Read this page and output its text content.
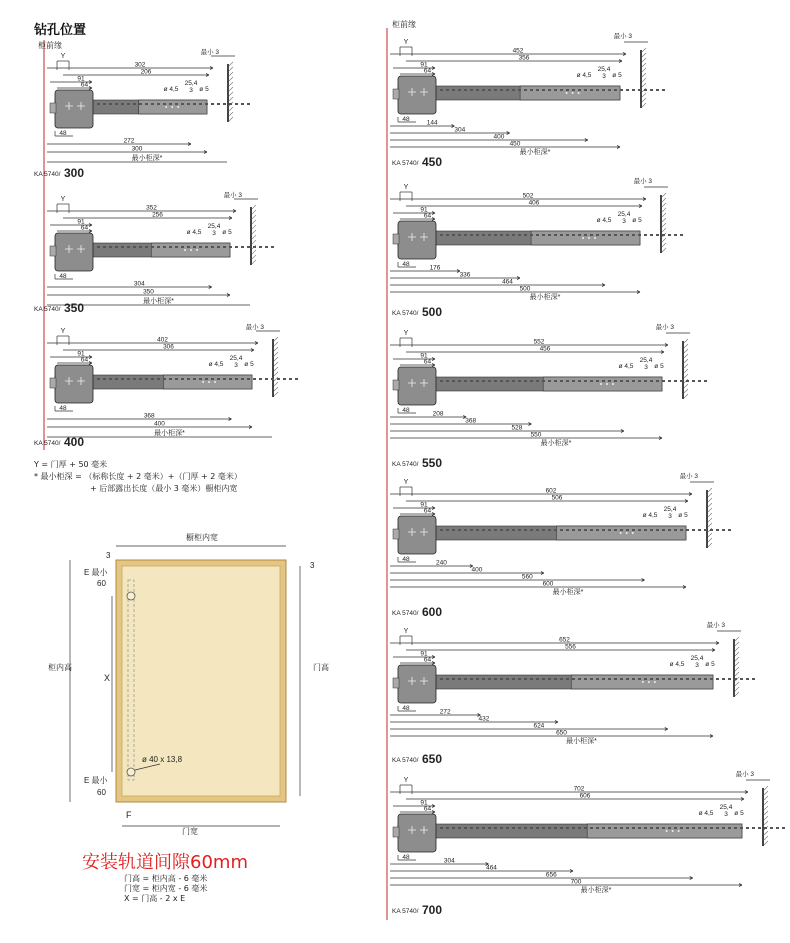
钻孔位置
柜前缘
柜前缘
Y
302
206
91
64
最小 3
ø 4,5
25,4
3 ø 5
48
272
300
最小柜深*
KA 5740/ 300
Y
352
256
91
64
最小 3
ø 4,5
25,4
3 ø 5
48
304
350
最小柜深*
KA 5740/ 350
Y
402
306
91
64
最小 3
ø 4,5
25,4
3 ø 5
48
368
400
最小柜深*
KA 5740/ 400
Y
452
356
91
64
最小 3
ø 4,5
25,4
3 ø 5
48	144
304
400
450
最小柜深*
KA 5740/ 450
Y
502
406
91
64
最小 3
ø 4,5
25,4
3 ø 5
48	176
336
464
500
最小柜深*
KA 5740/ 500
Y
552
456
91
64
最小 3
ø 4,5
25,4
3 ø 5
48	208
368
528
550
最小柜深*
KA 5740/ 550
Y
602
506
91
64
最小 3
ø 4,5
25,4
3 ø 5
48	240
400
560
600
最小柜深*
KA 5740/ 600
Y
652
556
91
64
最小 3
ø 4,5
25,4
3 ø 5
48	272
432
624
650
最小柜深*
KA 5740/ 650
Y
702
606
91
64
最小 3
ø 4,5
25,4
3 ø 5
48	304
464
656
700
最小柜深*
KA 5740/ 700
橱柜内宽
门宽
柜内高	门高
3
3
E 最小
60
X
E 最小
60
F
ø 40 x 13,8
Y = 门厚 + 50 毫米
* 最小柜深 = （标称长度 + 2 毫米）+（门厚 + 2 毫米）
+ 后部露出长度（最小 3 毫米）橱柜内宽
安装轨道间隙60mm
门高 = 柜内高 - 6 毫米
门宽 = 柜内宽 - 6 毫米
X = 门高 - 2 x E
